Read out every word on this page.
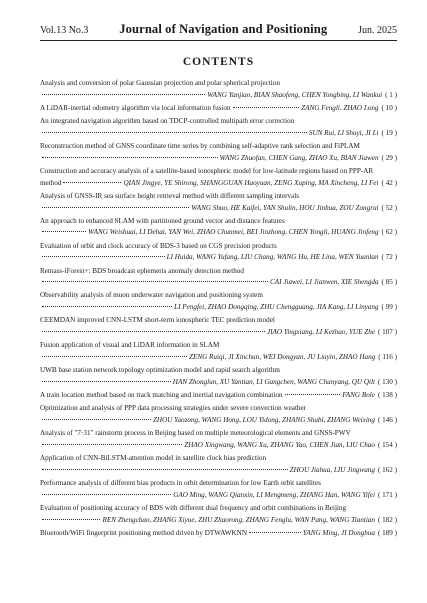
Vol.13 No.3 Journal of Navigation and Positioning	Jun. 2025
CONTENTS
Analysis and conversion of polar Gaussian projection and polar spherical projection
WANG Yanjiao, BIAN Shaofeng, CHEN Yongbing, LI Wankui ( 1 )
A LiDAR-inertial odometry algorithm via local information fusion	ZANG Fengli, ZHAO Long ( 10 )
An integrated navigation algorithm based on TDCP-controlled multipath error correction
SUN Rui, LI Shuyi, JI Li ( 19 )
Reconstruction method of GNSS coordinate time series by combining self-adaptive rank selection and FiPLAM
WANG Zhuofan, CHEN Gang, ZHAO Xu, BIAN Jiawen ( 29 )
Construction and accuracy analysis of a satellite-based ionospheric model for low-latitude regions based on PPP-AR
method	QIAN Jingye, YE Shirong, SHANGGUAN Haoyuan, ZENG Xuping, MA Xincheng, LI Fei ( 42 )
Analysis of GNSS-IR sea surface height retrieval method with different sampling intervals
WANG Shuo, HE Kaifei, YAN Shulin, HOU Jinhua, ZOU Zongrui ( 52 )
An approach to enhanced SLAM with partitioned ground vector and distance features
WANG Weishuai, LI Dehai, YAN Wei, ZHAO Chunmei, BEI Jinzhong, CHEN Yongli, HUANG Jinfeng ( 62 )
Evaluation of orbit and clock accuracy of BDS-3 based on CGS precision products
LI Huida, WANG Yufang, LIU Chang, WANG Hu, HE Lina, WEN Yuanlan ( 72 )
Remass-iForest+: BDS broadcast ephemeris anomaly detection method
CAI Jiawei, LI Jianwen, XIE Shengda ( 85 )
Observability analysis of muon underwater navigation and positioning system
LI Pengfei, ZHAO Dongqing, ZHU Chengguang, JIA Kang, LI Linyang ( 99 )
CEEMDAN improved CNN-LSTM short-term ionospheric TEC prediction model
JIAO Yingxiang, LI Kezhao, YUE Zhe ( 107 )
Fusion application of visual and LiDAR information in SLAM
ZENG Ruiqi, JI Xinchun, WEI Dongyan, JU Liuyin, ZHAO Hang ( 116 )
UWB base station network topology optimization model and rapid search algorithm
HAN Zhonglun, XU Yantian, LI Gangchen, WANG Chunyang, QU Qilt ( 130 )
A train location method based on track matching and inertial navigation combination	FANG Bole ( 138 )
Optimization and analysis of PPP data processing strategies under severe convection weather
ZHOU Yaozong, WANG Hong, LOU Yidong, ZHANG Shubi, ZHANG Weixing ( 146 )
Analysis of "7·31" rainstorm process in Beijing based on multiple meteorological elements and GNSS-PWV
ZHAO Xingwang, WANG Xu, ZHANG Yao, CHEN Jian, LIU Chao ( 154 )
Application of CNN-BiLSTM-attention model in satellite clock bias prediction
ZHOU Jiahua, LIU Jingwang ( 162 )
Performance analysis of different bias products in orbit determination for low Earth orbit satellites
GAO Ming, WANG Qianxin, LI Mengmeng, ZHANG Han, WANG Yifei ( 171 )
Evaluation of positioning accuracy of BDS with different dual frequency and orbit combinations in Beijing
REN Zhengchao, ZHANG Xiyue, ZHU Zhaorong, ZHANG Fenglu, WAN Pang, WANG Tiantian ( 182 )
Bluetooth/WiFi fingerprint positioning method driven by DTWAWKNN	YANG Ming, JI Donghua ( 189 )
